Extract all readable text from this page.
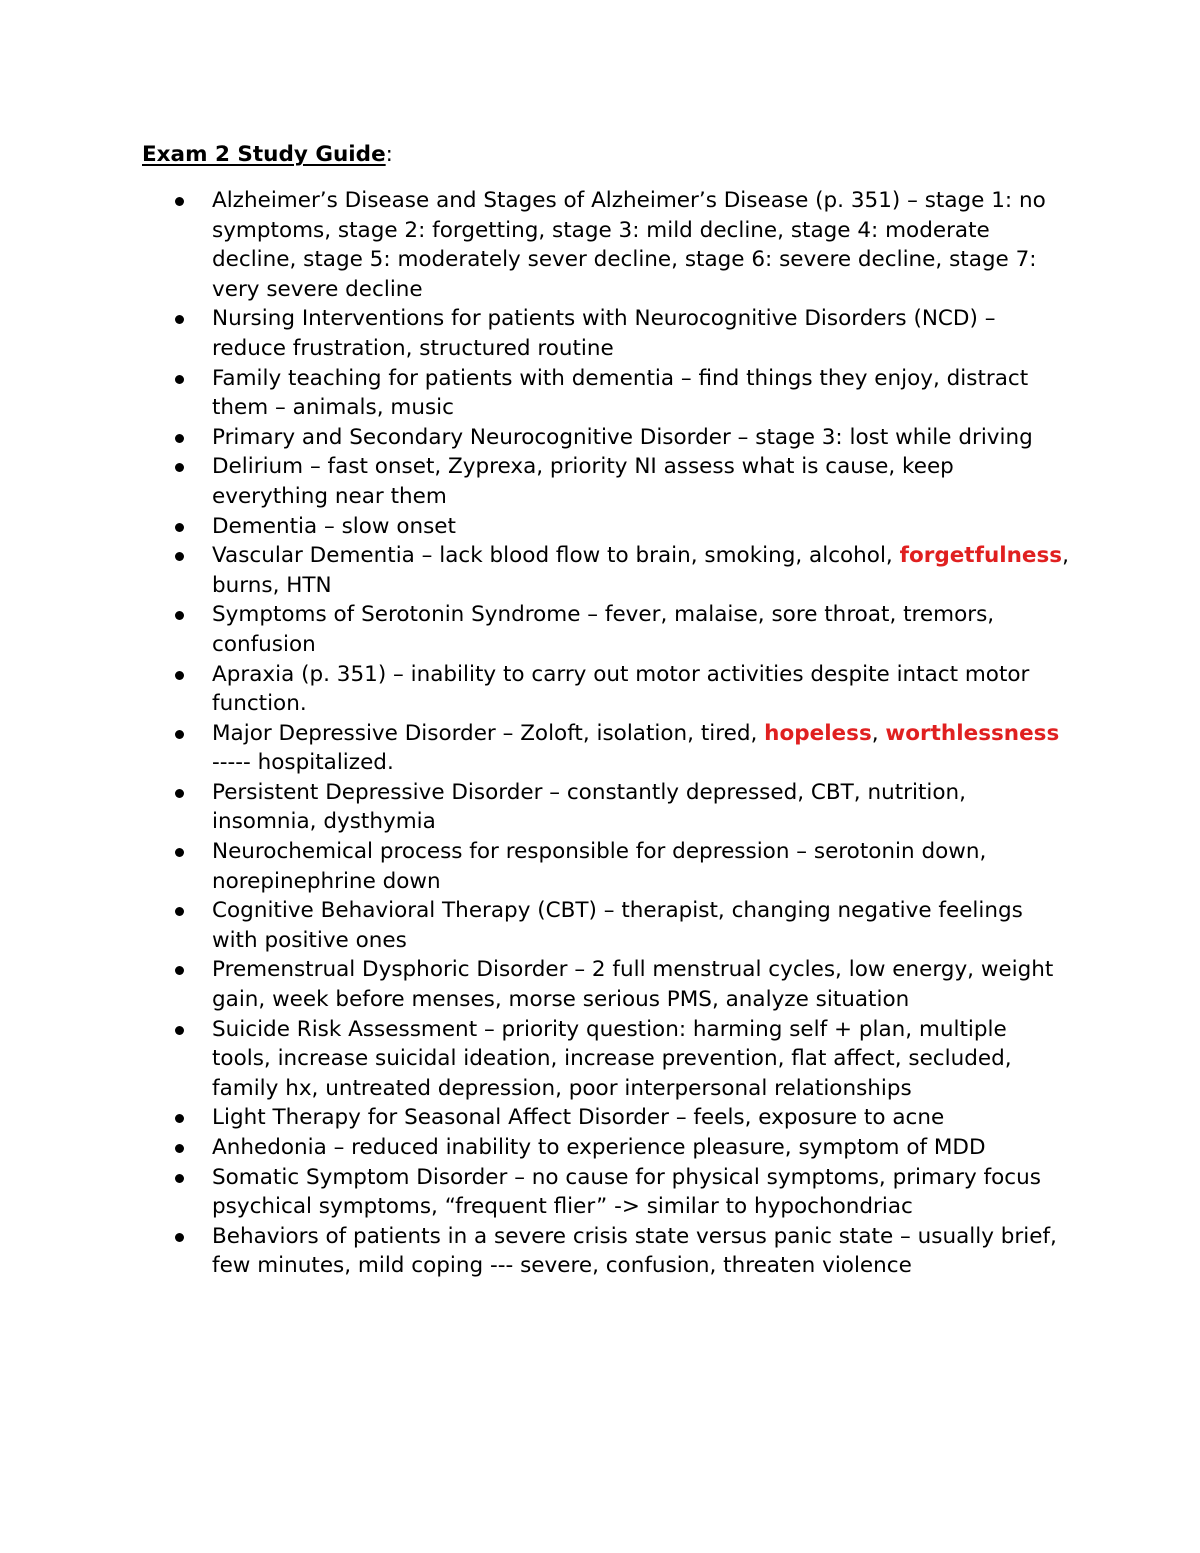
Exam 2 Study Guide:
Alzheimer’s Disease and Stages of Alzheimer’s Disease (p. 351) – stage 1: no symptoms, stage 2: forgetting, stage 3: mild decline, stage 4: moderate decline, stage 5: moderately sever decline, stage 6: severe decline, stage 7: very severe decline
Nursing Interventions for patients with Neurocognitive Disorders (NCD) – reduce frustration, structured routine
Family teaching for patients with dementia – find things they enjoy, distract them – animals, music
Primary and Secondary Neurocognitive Disorder – stage 3: lost while driving
Delirium – fast onset, Zyprexa, priority NI assess what is cause, keep everything near them
Dementia – slow onset
Vascular Dementia – lack blood flow to brain, smoking, alcohol, forgetfulness, burns, HTN
Symptoms of Serotonin Syndrome – fever, malaise, sore throat, tremors, confusion
Apraxia (p. 351) – inability to carry out motor activities despite intact motor function.
Major Depressive Disorder – Zoloft, isolation, tired, hopeless, worthlessness ----- hospitalized.
Persistent Depressive Disorder – constantly depressed, CBT, nutrition, insomnia, dysthymia
Neurochemical process for responsible for depression – serotonin down, norepinephrine down
Cognitive Behavioral Therapy (CBT) – therapist, changing negative feelings with positive ones
Premenstrual Dysphoric Disorder – 2 full menstrual cycles, low energy, weight gain, week before menses, morse serious PMS, analyze situation
Suicide Risk Assessment – priority question: harming self + plan, multiple tools, increase suicidal ideation, increase prevention, flat affect, secluded, family hx, untreated depression, poor interpersonal relationships
Light Therapy for Seasonal Affect Disorder – feels, exposure to acne
Anhedonia – reduced inability to experience pleasure, symptom of MDD
Somatic Symptom Disorder – no cause for physical symptoms, primary focus psychical symptoms, “frequent flier” -> similar to hypochondriac
Behaviors of patients in a severe crisis state versus panic state – usually brief, few minutes, mild coping --- severe, confusion, threaten violence
